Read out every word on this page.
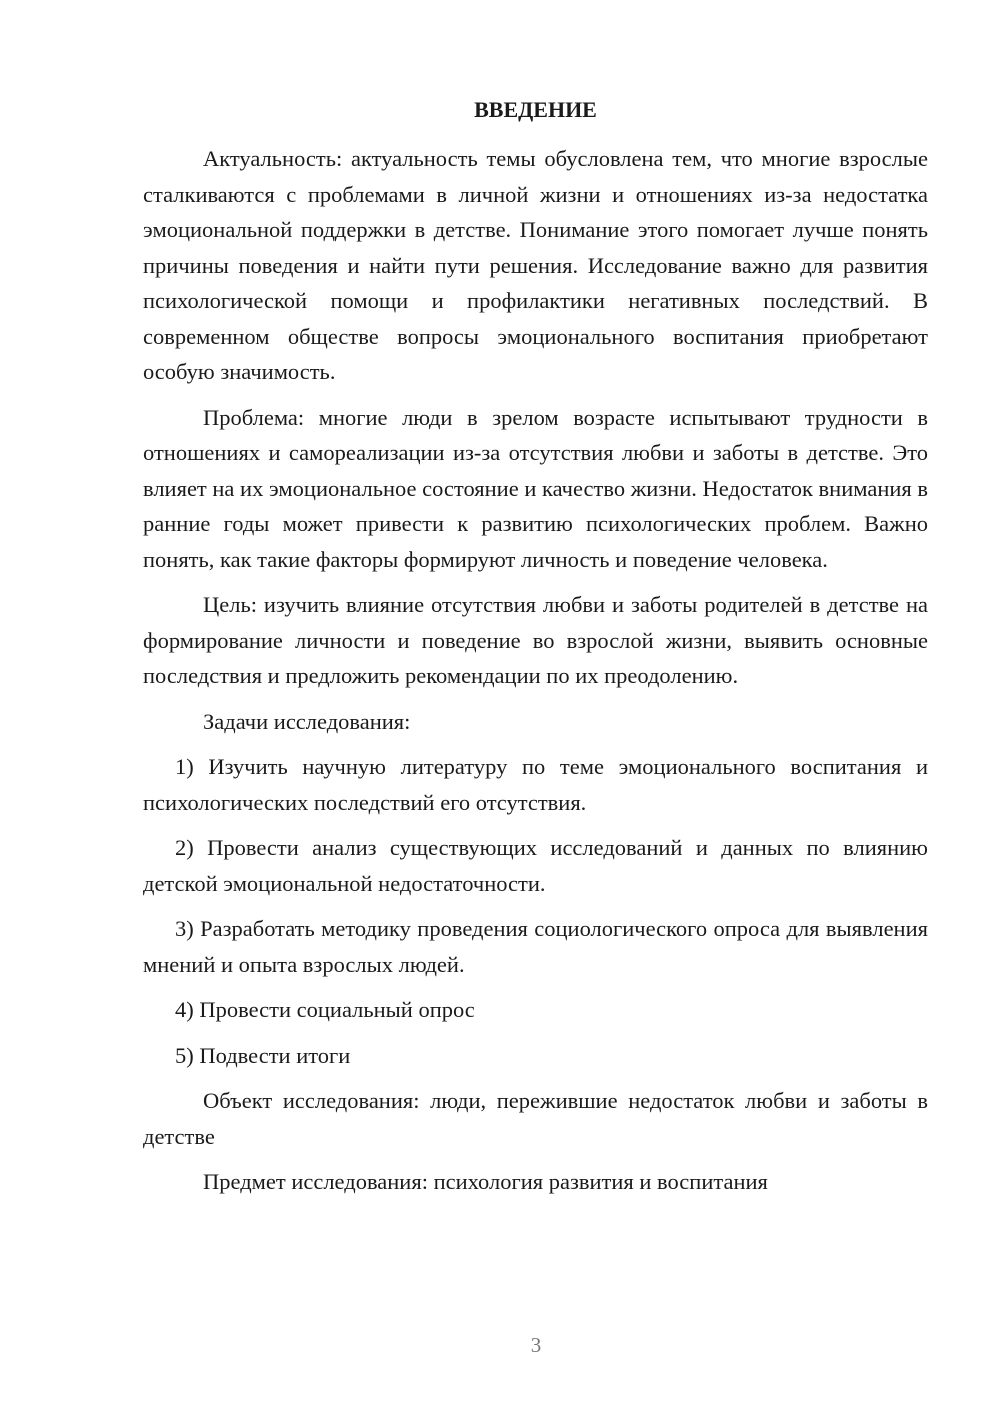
ВВЕДЕНИЕ

Актуальность: актуальность темы обусловлена тем, что многие взрослые сталкиваются с проблемами в личной жизни и отношениях из-за недостатка эмоциональной поддержки в детстве. Понимание этого помогает лучше понять причины поведения и найти пути решения. Исследование важно для развития психологической помощи и профилактики негативных последствий. В современном обществе вопросы эмоционального воспитания приобретают особую значимость.

Проблема: многие люди в зрелом возрасте испытывают трудности в отношениях и самореализации из-за отсутствия любви и заботы в детстве. Это влияет на их эмоциональное состояние и качество жизни. Недостаток внимания в ранние годы может привести к развитию психологических проблем. Важно понять, как такие факторы формируют личность и поведение человека.

Цель: изучить влияние отсутствия любви и заботы родителей в детстве на формирование личности и поведение во взрослой жизни, выявить основные последствия и предложить рекомендации по их преодолению.

Задачи исследования:

1) Изучить научную литературу по теме эмоционального воспитания и психологических последствий его отсутствия.

2) Провести анализ существующих исследований и данных по влиянию детской эмоциональной недостаточности.

3) Разработать методику проведения социологического опроса для выявления мнений и опыта взрослых людей.

4) Провести социальный опрос

5) Подвести итоги

Объект исследования: люди, пережившие недостаток любви и заботы в детстве

Предмет исследования: психология развития и воспитания

3
